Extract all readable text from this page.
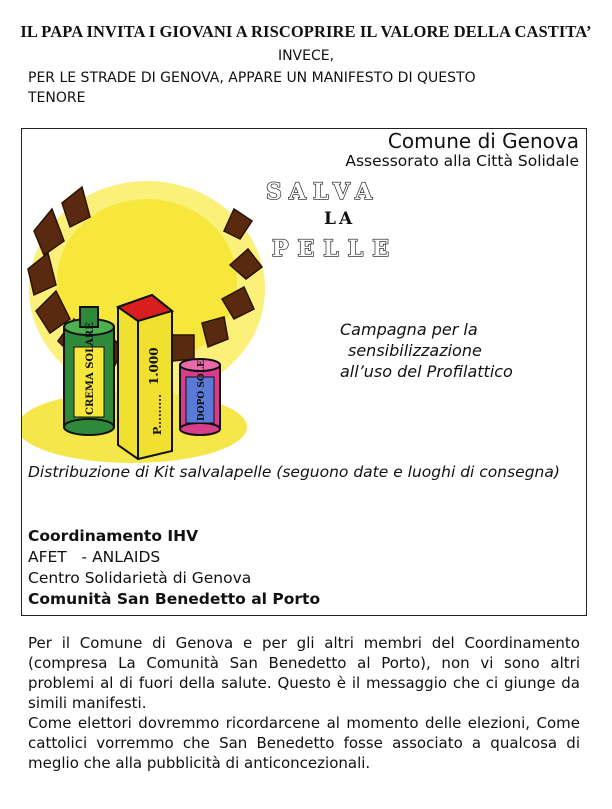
IL PAPA INVITA I GIOVANI A RISCOPRIRE IL VALORE DELLA CASTITA’
INVECE,
PER LE STRADE DI GENOVA, APPARE UN MANIFESTO DI QUESTO
TENORE
Comune di Genova
Assessorato alla Città Solidale
CREMA SOLARE	1.000
P.........	DOPO SOLE
SALVA
LA
PELLE
Campagna per la
sensibilizzazione
all’uso del Profilattico
Distribuzione di Kit salvalapelle (seguono date e luoghi di consegna)
Coordinamento IHV
AFET   - ANLAIDS
Centro Solidarietà di Genova
Comunità San Benedetto al Porto

Per il Comune di Genova e per gli altri membri del Coordinamento (compresa La Comunità San Benedetto al Porto), non vi sono altri problemi al di fuori della salute. Questo è il messaggio che ci giunge da simili manifesti.

Come elettori dovremmo ricordarcene al momento delle elezioni, Come cattolici vorremmo che San Benedetto fosse associato a qualcosa di meglio che alla pubblicità di anticoncezionali.
